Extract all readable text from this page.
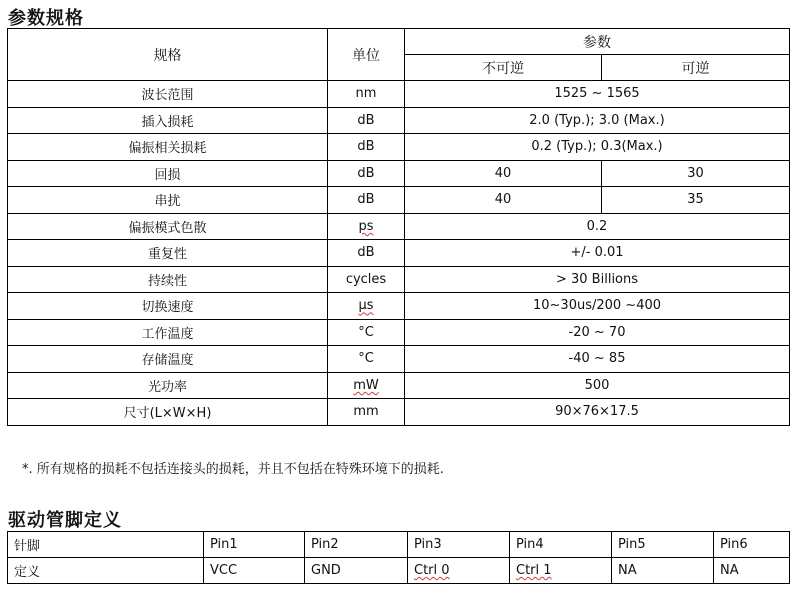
参数规格
规格	单位	参数	
		不可逆	可逆
波长范围	nm	1525 ~ 1565	
插入损耗	dB	2.0 (Typ.); 3.0 (Max.)	
偏振相关损耗	dB	0.2 (Typ.); 0.3(Max.)	
回损	dB	40	30
串扰	dB	40	35
偏振模式色散	ps	0.2	
重复性	dB	+/- 0.01	
持续性	cycles	> 30 Billions	
切换速度	μs	10~30us/200 ~400	
工作温度	°C	-20 ~ 70	
存储温度	°C	-40 ~ 85	
光功率	mW	500	
尺寸(L×W×H)	mm	90×76×17.5	
*. 所有规格的损耗不包括连接头的损耗，并且不包括在特殊环境下的损耗.
驱动管脚定义
针脚	Pin1	Pin2	Pin3	Pin4	Pin5	Pin6
定义	VCC	GND	Ctrl 0	Ctrl 1	NA	NA
